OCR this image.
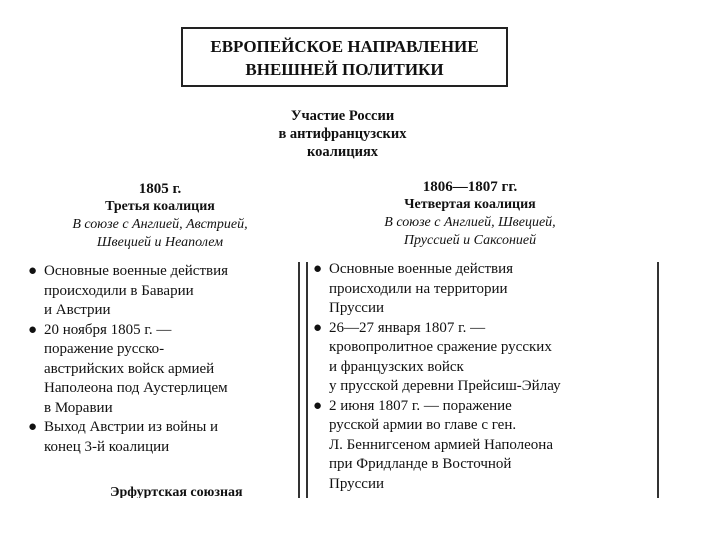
ЕВРОПЕЙСКОЕ НАПРАВЛЕНИЕ
ВНЕШНЕЙ ПОЛИТИКИ
Участие России
в антифранцузских
коалициях
1805 г.
Третья коалиция
В союзе с Англией, Австрией,
Швецией и Неаполем
1806—1807 гг.
Четвертая коалиция
В союзе с Англией, Швецией,
Пруссией и Саксонией
● Основные военные действия
происходили в Баварии
и Австрии
● 20 ноября 1805 г. —
поражение русско-
австрийских войск армией
Наполеона под Аустерлицем
в Моравии
● Выход Австрии из войны и
конец 3-й коалиции
Эрфуртская союзная
● Основные военные действия
происходили на территории
Пруссии
● 26—27 января 1807 г. —
кровопролитное сражение русских
и французских войск
у прусской деревни Прейсиш-Эйлау
● 2 июня 1807 г. — поражение
русской армии во главе с ген.
Л. Беннигсеном армией Наполеона
при Фридланде в Восточной
Пруссии
